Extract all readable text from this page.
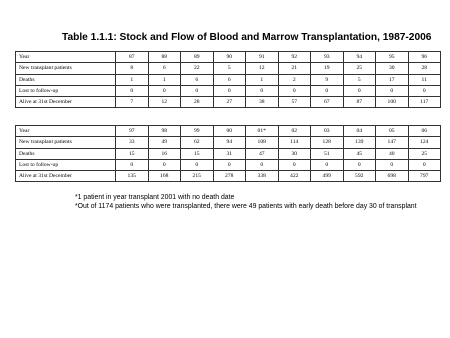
Table 1.1.1: Stock and Flow of Blood and Marrow Transplantation, 1987-2006
Year	87	88	89	90	91	92	93	94	95	96
New transplant patients	8	6	22	5	12	21	19	25	30	28
Deaths	1	1	6	6	1	2	9	5	17	11
Lost to follow-up	0	0	0	0	0	0	0	0	0	0
Alive at 31st December	7	12	28	27	38	57	67	87	100	117
Year	97	98	99	00	01*	02	03	04	05	06
New transplant patients	33	49	62	94	108	114	128	139	147	124
Deaths	15	16	15	31	47	30	51	45	40	25
Lost to follow-up	0	0	0	0	0	0	0	0	0	0
Alive at 31st December	135	168	215	278	338	422	499	592	698	797
*1 patient in year transplant 2001 with no death date
*Out of 1174 patients who were transplanted, there were 49 patients with early death before day 30 of transplant
